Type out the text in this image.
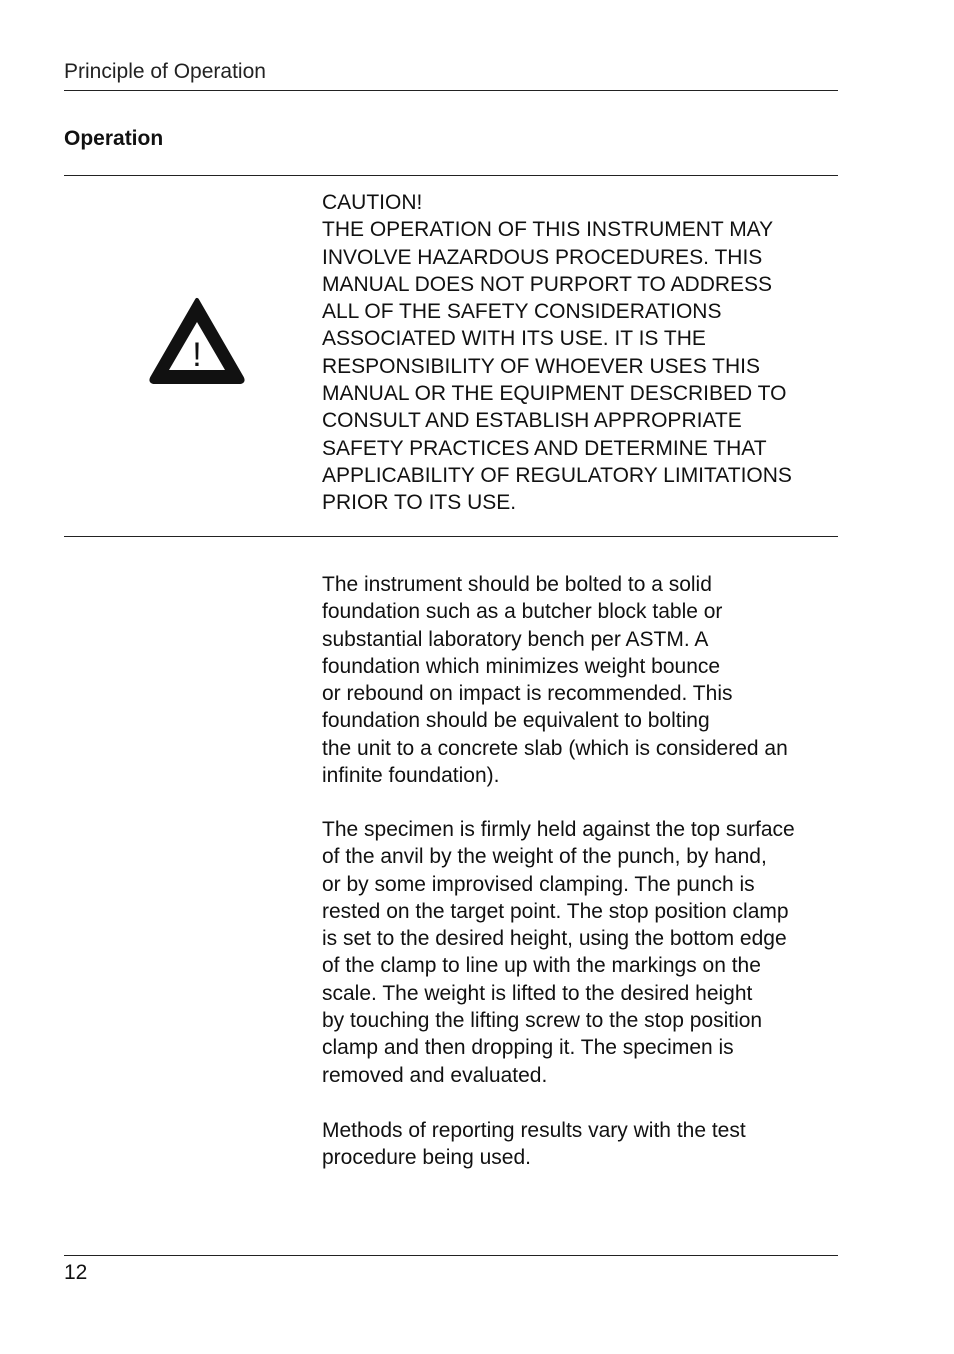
Principle of Operation
Operation
!
CAUTION!
THE OPERATION OF THIS INSTRUMENT MAY
INVOLVE HAZARDOUS PROCEDURES. THIS
MANUAL DOES NOT PURPORT TO ADDRESS
ALL OF THE SAFETY CONSIDERATIONS
ASSOCIATED WITH ITS USE. IT IS THE
RESPONSIBILITY OF WHOEVER USES THIS
MANUAL OR THE EQUIPMENT DESCRIBED TO
CONSULT AND ESTABLISH APPROPRIATE
SAFETY PRACTICES AND DETERMINE THAT
APPLICABILITY OF REGULATORY LIMITATIONS
PRIOR TO ITS USE.
The instrument should be bolted to a solid
foundation such as a butcher block table or
substantial laboratory bench per ASTM. A
foundation which minimizes weight bounce
or rebound on impact is recommended. This
foundation should be equivalent to bolting
the unit to a concrete slab (which is considered an
infinite foundation).
The specimen is firmly held against the top surface
of the anvil by the weight of the punch, by hand,
or by some improvised clamping. The punch is
rested on the target point. The stop position clamp
is set to the desired height, using the bottom edge
of the clamp to line up with the markings on the
scale. The weight is lifted to the desired height
by touching the lifting screw to the stop position
clamp and then dropping it. The specimen is
removed and evaluated.
Methods of reporting results vary with the test
procedure being used.
12
